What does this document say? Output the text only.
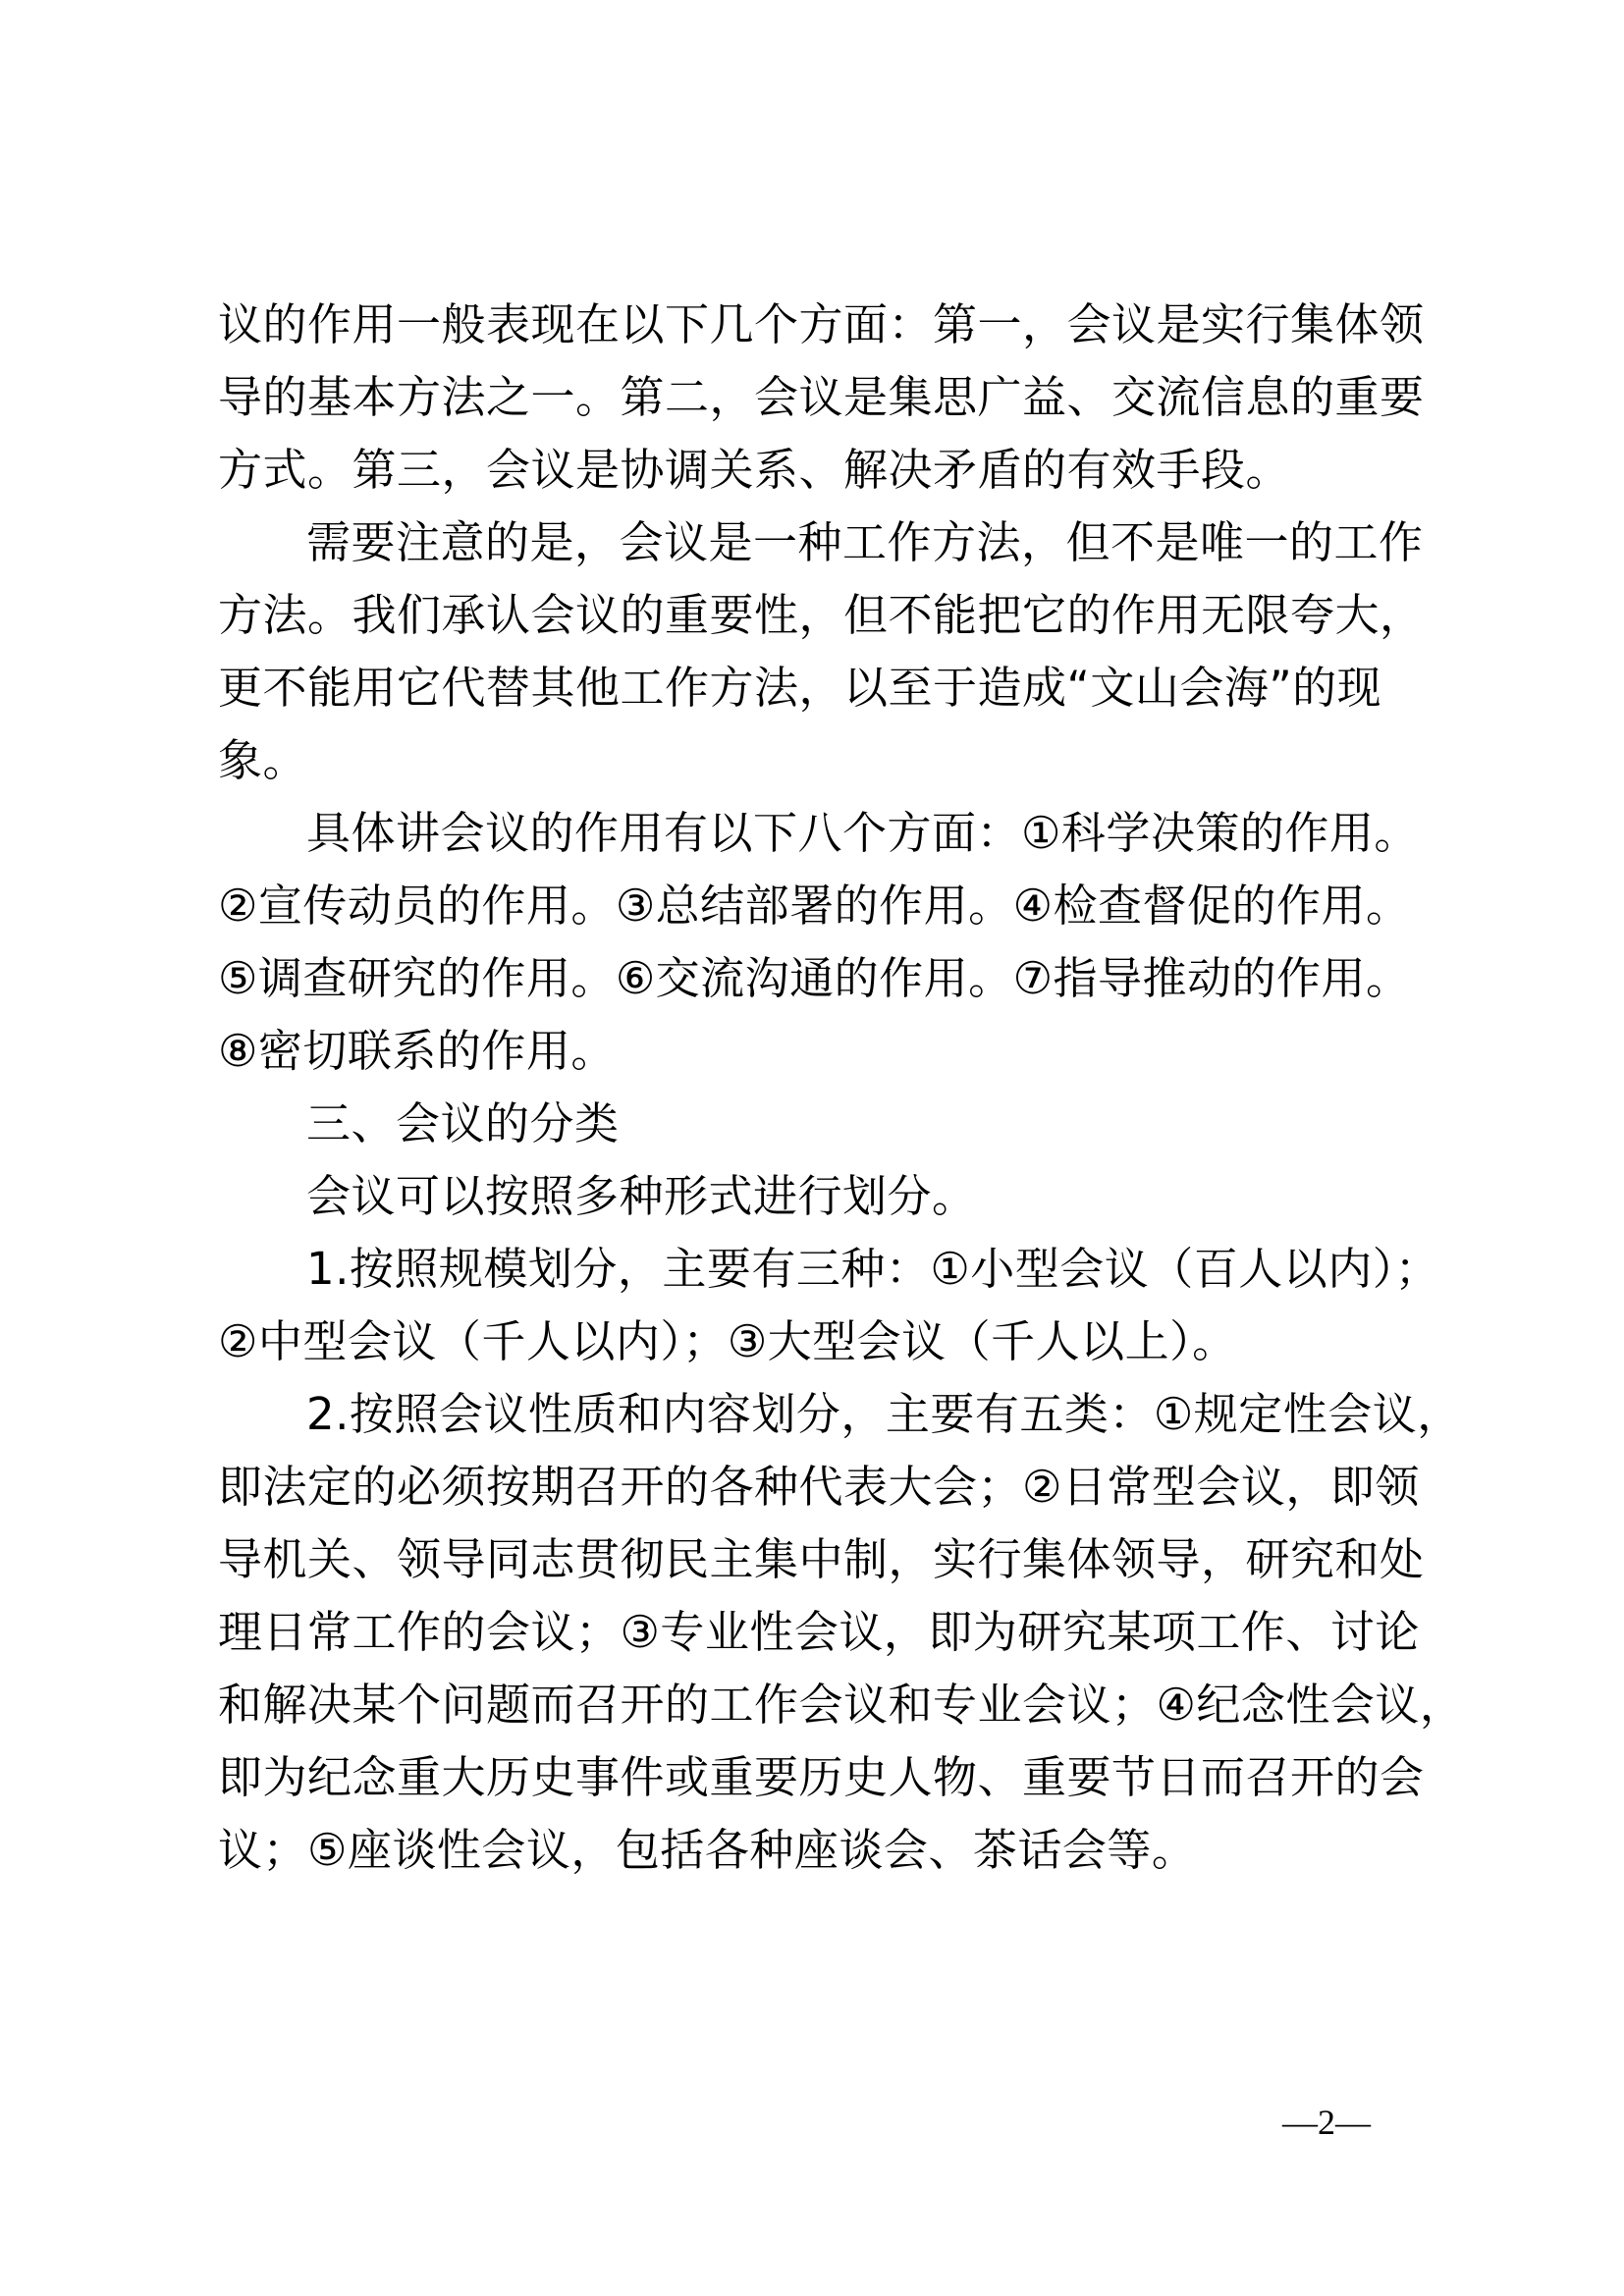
议的作用一般表现在以下几个方面：第一，会议是实行集体领
导的基本方法之一。第二，会议是集思广益、交流信息的重要
方式。第三，会议是协调关系、解决矛盾的有效手段。
需要注意的是，会议是一种工作方法，但不是唯一的工作
方法。我们承认会议的重要性，但不能把它的作用无限夸大，
更不能用它代替其他工作方法，以至于造成“文山会海”的现
象。
具体讲会议的作用有以下八个方面：①科学决策的作用。
②宣传动员的作用。③总结部署的作用。④检查督促的作用。
⑤调查研究的作用。⑥交流沟通的作用。⑦指导推动的作用。
⑧密切联系的作用。
三、会议的分类
会议可以按照多种形式进行划分。
1.按照规模划分，主要有三种：①小型会议（百人以内）；
②中型会议（千人以内）；③大型会议（千人以上）。
2.按照会议性质和内容划分，主要有五类：①规定性会议，
即法定的必须按期召开的各种代表大会；②日常型会议，即领
导机关、领导同志贯彻民主集中制，实行集体领导，研究和处
理日常工作的会议；③专业性会议，即为研究某项工作、讨论
和解决某个问题而召开的工作会议和专业会议；④纪念性会议，
即为纪念重大历史事件或重要历史人物、重要节日而召开的会
议；⑤座谈性会议，包括各种座谈会、茶话会等。
—2—
